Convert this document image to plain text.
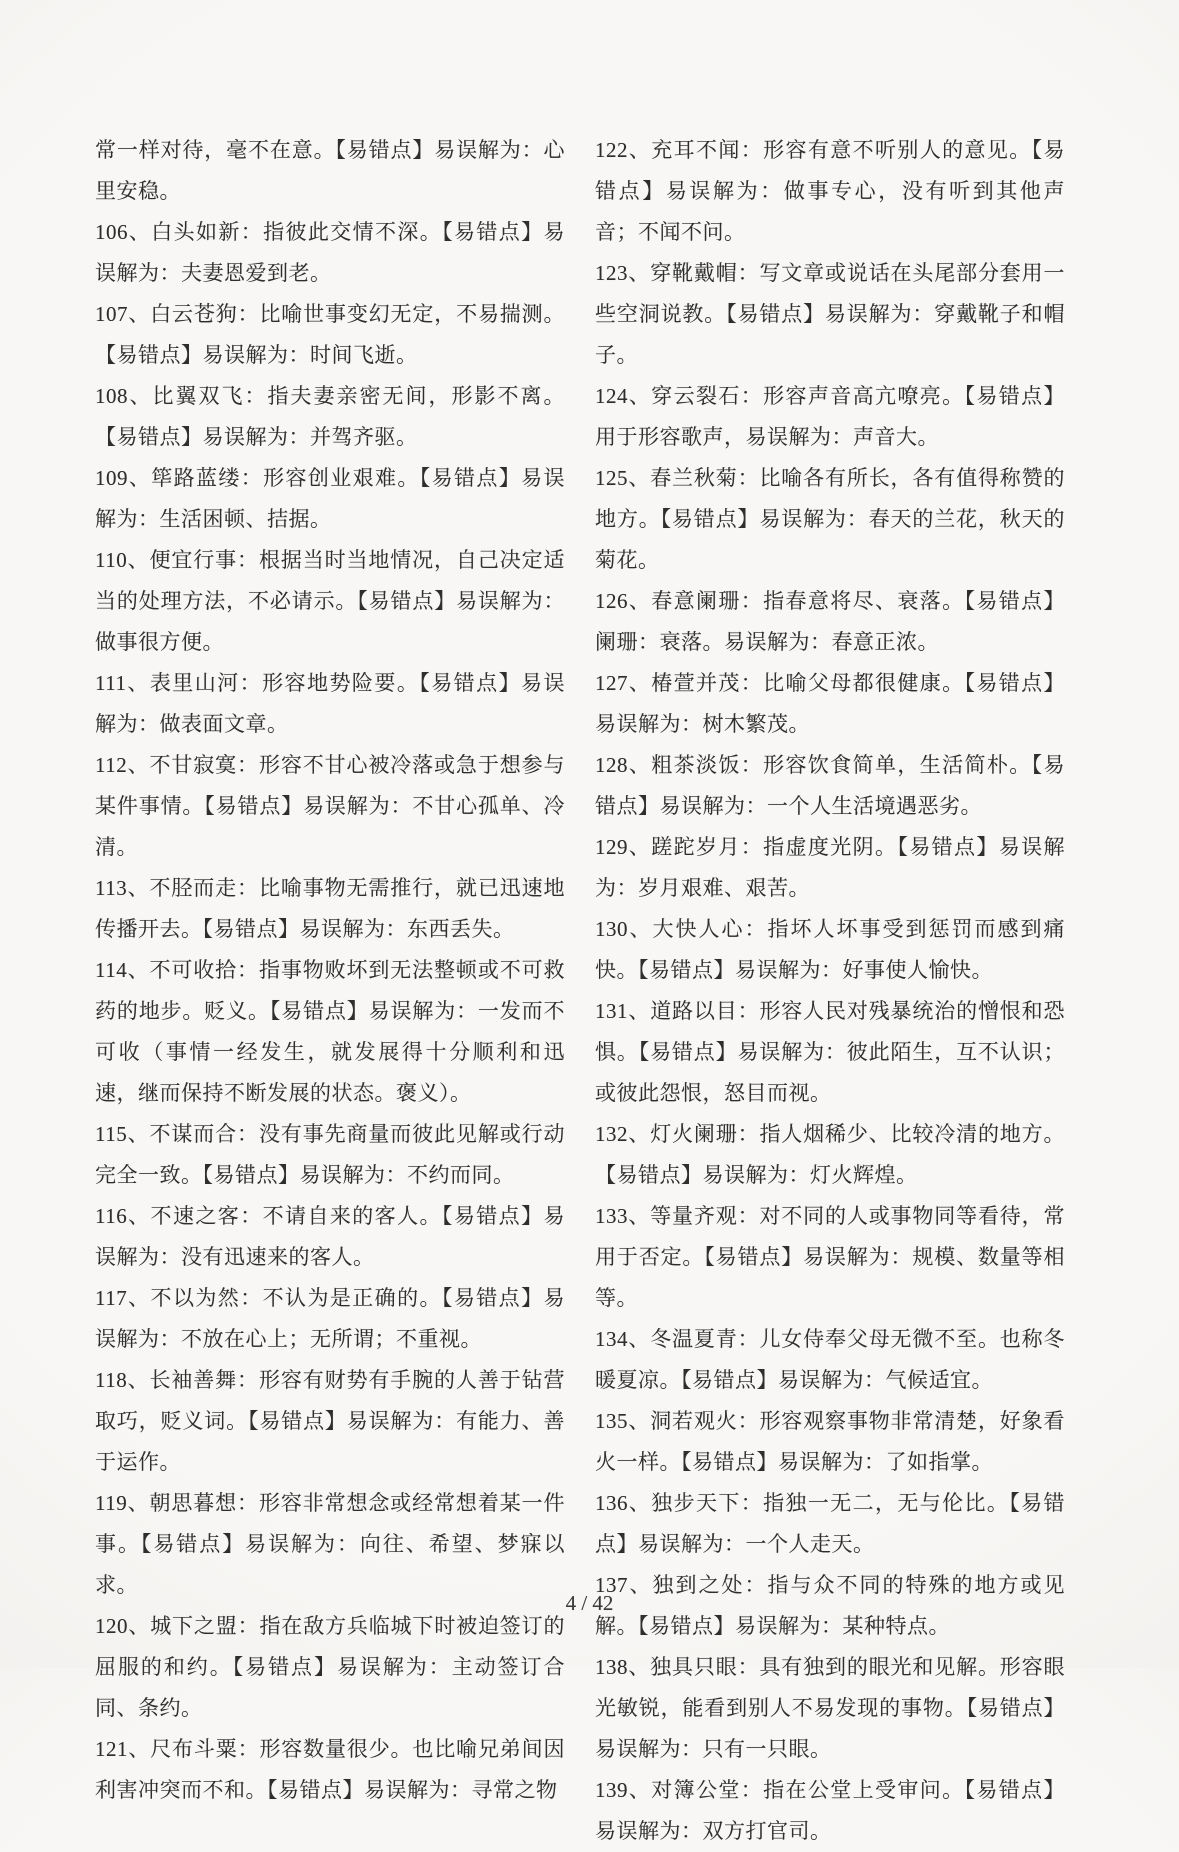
常一样对待，毫不在意。【易错点】易误解为：心里安稳。

106、白头如新：指彼此交情不深。【易错点】易误解为：夫妻恩爱到老。

107、白云苍狗：比喻世事变幻无定，不易揣测。【易错点】易误解为：时间飞逝。

108、比翼双飞：指夫妻亲密无间，形影不离。【易错点】易误解为：并驾齐驱。

109、筚路蓝缕：形容创业艰难。【易错点】易误解为：生活困顿、拮据。

110、便宜行事：根据当时当地情况，自己决定适当的处理方法，不必请示。【易错点】易误解为：做事很方便。

111、表里山河：形容地势险要。【易错点】易误解为：做表面文章。

112、不甘寂寞：形容不甘心被冷落或急于想参与某件事情。【易错点】易误解为：不甘心孤单、冷清。

113、不胫而走：比喻事物无需推行，就已迅速地传播开去。【易错点】易误解为：东西丢失。

114、不可收拾：指事物败坏到无法整顿或不可救药的地步。贬义。【易错点】易误解为：一发而不可收（事情一经发生，就发展得十分顺利和迅速，继而保持不断发展的状态。褒义）。

115、不谋而合：没有事先商量而彼此见解或行动完全一致。【易错点】易误解为：不约而同。

116、不速之客：不请自来的客人。【易错点】易误解为：没有迅速来的客人。

117、不以为然：不认为是正确的。【易错点】易误解为：不放在心上；无所谓；不重视。

118、长袖善舞：形容有财势有手腕的人善于钻营取巧，贬义词。【易错点】易误解为：有能力、善于运作。

119、朝思暮想：形容非常想念或经常想着某一件事。【易错点】易误解为：向往、希望、梦寐以求。

120、城下之盟：指在敌方兵临城下时被迫签订的屈服的和约。【易错点】易误解为：主动签订合同、条约。

121、尺布斗粟：形容数量很少。也比喻兄弟间因利害冲突而不和。【易错点】易误解为：寻常之物

122、充耳不闻：形容有意不听别人的意见。【易错点】易误解为：做事专心，没有听到其他声音；不闻不问。

123、穿靴戴帽：写文章或说话在头尾部分套用一些空洞说教。【易错点】易误解为：穿戴靴子和帽子。

124、穿云裂石：形容声音高亢嘹亮。【易错点】用于形容歌声，易误解为：声音大。

125、春兰秋菊：比喻各有所长，各有值得称赞的地方。【易错点】易误解为：春天的兰花，秋天的菊花。

126、春意阑珊：指春意将尽、衰落。【易错点】阑珊：衰落。易误解为：春意正浓。

127、椿萱并茂：比喻父母都很健康。【易错点】易误解为：树木繁茂。

128、粗茶淡饭：形容饮食简单，生活简朴。【易错点】易误解为：一个人生活境遇恶劣。

129、蹉跎岁月：指虚度光阴。【易错点】易误解为：岁月艰难、艰苦。

130、大快人心：指坏人坏事受到惩罚而感到痛快。【易错点】易误解为：好事使人愉快。

131、道路以目：形容人民对残暴统治的憎恨和恐惧。【易错点】易误解为：彼此陌生，互不认识；或彼此怨恨，怒目而视。

132、灯火阑珊：指人烟稀少、比较冷清的地方。【易错点】易误解为：灯火辉煌。

133、等量齐观：对不同的人或事物同等看待，常用于否定。【易错点】易误解为：规模、数量等相等。

134、冬温夏青：儿女侍奉父母无微不至。也称冬暖夏凉。【易错点】易误解为：气候适宜。

135、洞若观火：形容观察事物非常清楚，好象看火一样。【易错点】易误解为：了如指掌。

136、独步天下：指独一无二，无与伦比。【易错点】易误解为：一个人走天。

137、独到之处：指与众不同的特殊的地方或见解。【易错点】易误解为：某种特点。

138、独具只眼：具有独到的眼光和见解。形容眼光敏锐，能看到别人不易发现的事物。【易错点】易误解为：只有一只眼。

139、对簿公堂：指在公堂上受审问。【易错点】易误解为：双方打官司。

4 / 42
